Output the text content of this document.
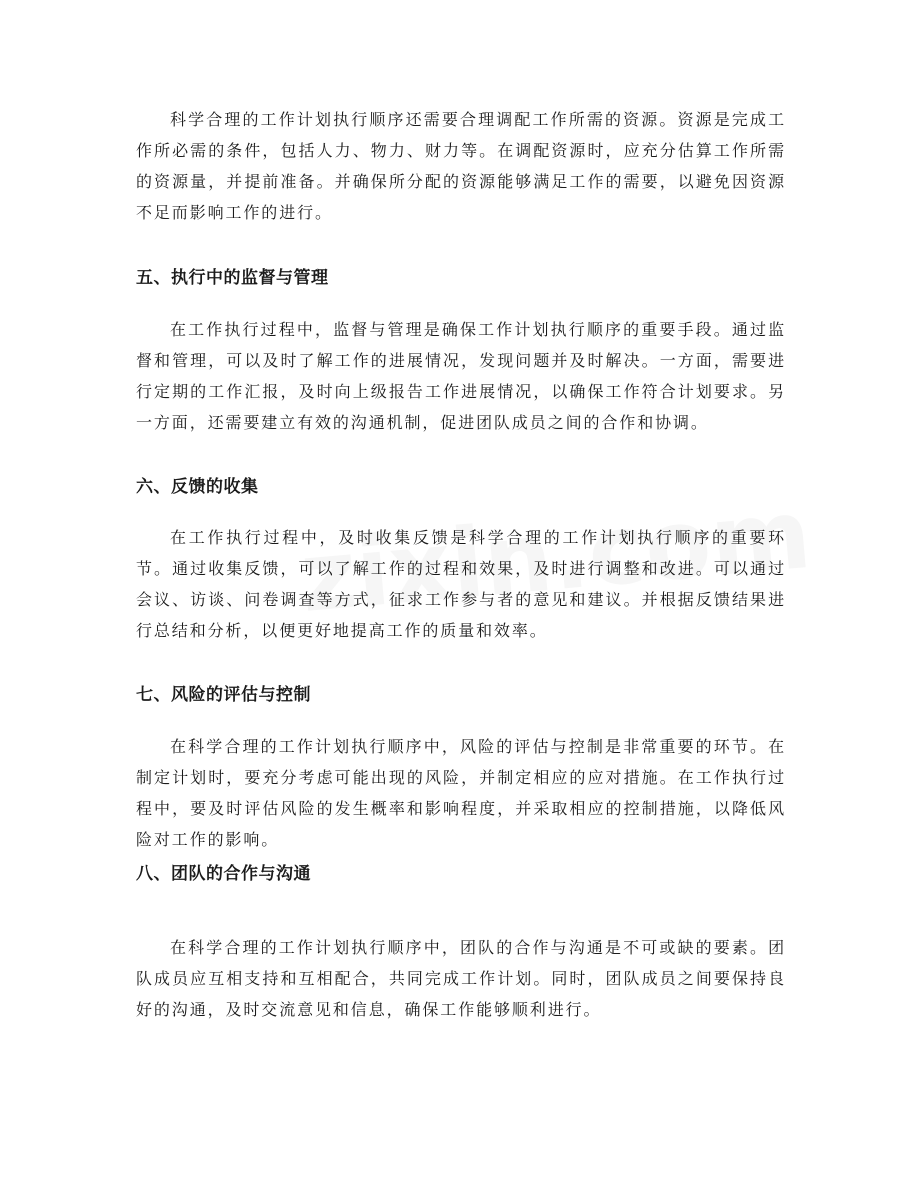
科学合理的工作计划执行顺序还需要合理调配工作所需的资源。资源是完成工作所必需的条件，包括人力、物力、财力等。在调配资源时，应充分估算工作所需的资源量，并提前准备。并确保所分配的资源能够满足工作的需要，以避免因资源不足而影响工作的进行。

五、执行中的监督与管理

在工作执行过程中，监督与管理是确保工作计划执行顺序的重要手段。通过监督和管理，可以及时了解工作的进展情况，发现问题并及时解决。一方面，需要进行定期的工作汇报，及时向上级报告工作进展情况，以确保工作符合计划要求。另一方面，还需要建立有效的沟通机制，促进团队成员之间的合作和协调。

六、反馈的收集

在工作执行过程中，及时收集反馈是科学合理的工作计划执行顺序的重要环节。通过收集反馈，可以了解工作的过程和效果，及时进行调整和改进。可以通过会议、访谈、问卷调查等方式，征求工作参与者的意见和建议。并根据反馈结果进行总结和分析，以便更好地提高工作的质量和效率。

七、风险的评估与控制

在科学合理的工作计划执行顺序中，风险的评估与控制是非常重要的环节。在制定计划时，要充分考虑可能出现的风险，并制定相应的应对措施。在工作执行过程中，要及时评估风险的发生概率和影响程度，并采取相应的控制措施，以降低风险对工作的影响。

八、团队的合作与沟通

在科学合理的工作计划执行顺序中，团队的合作与沟通是不可或缺的要素。团队成员应互相支持和互相配合，共同完成工作计划。同时，团队成员之间要保持良好的沟通，及时交流意见和信息，确保工作能够顺利进行。
